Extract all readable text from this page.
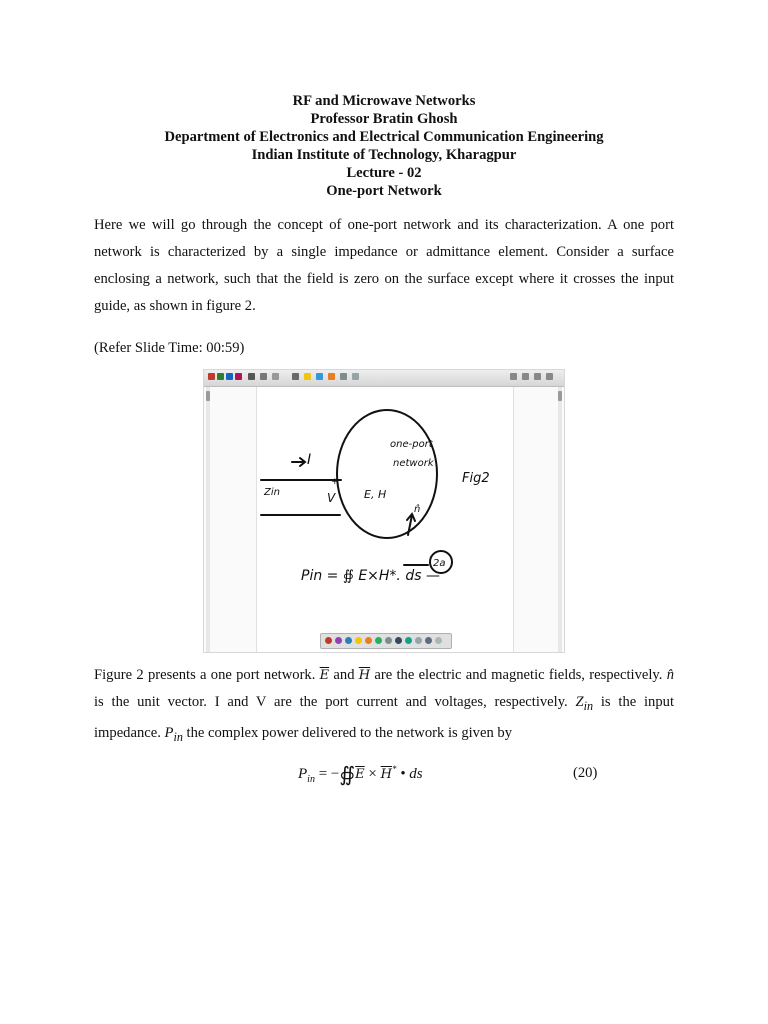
RF and Microwave Networks
Professor Bratin Ghosh
Department of Electronics and Electrical Communication Engineering
Indian Institute of Technology, Kharagpur
Lecture - 02
One-port Network

Here we will go through the concept of one-port network and its characterization. A one port network is characterized by a single impedance or admittance element. Consider a surface enclosing a network, such that the field is zero on the surface except where it crosses the input guide, as shown in figure 2.

(Refer Slide Time: 00:59)
I
V
+
-
Zin
one-port
network
E, H
n̂
Fig2
Pin = ∯ E×H*. ds —
2a

Figure 2 presents a one port network. $\overline{E}$ and $\overline{H}$ are the electric and magnetic fields, respectively. n̂ is the unit vector. I and V are the port current and voltages, respectively. $Z_{in}$ is the input impedance. $P_{in}$ the complex power delivered to the network is given by

$P_{in}$ = $-∯\overline{E} \times \overline{H}^*$ • ds	(20)
